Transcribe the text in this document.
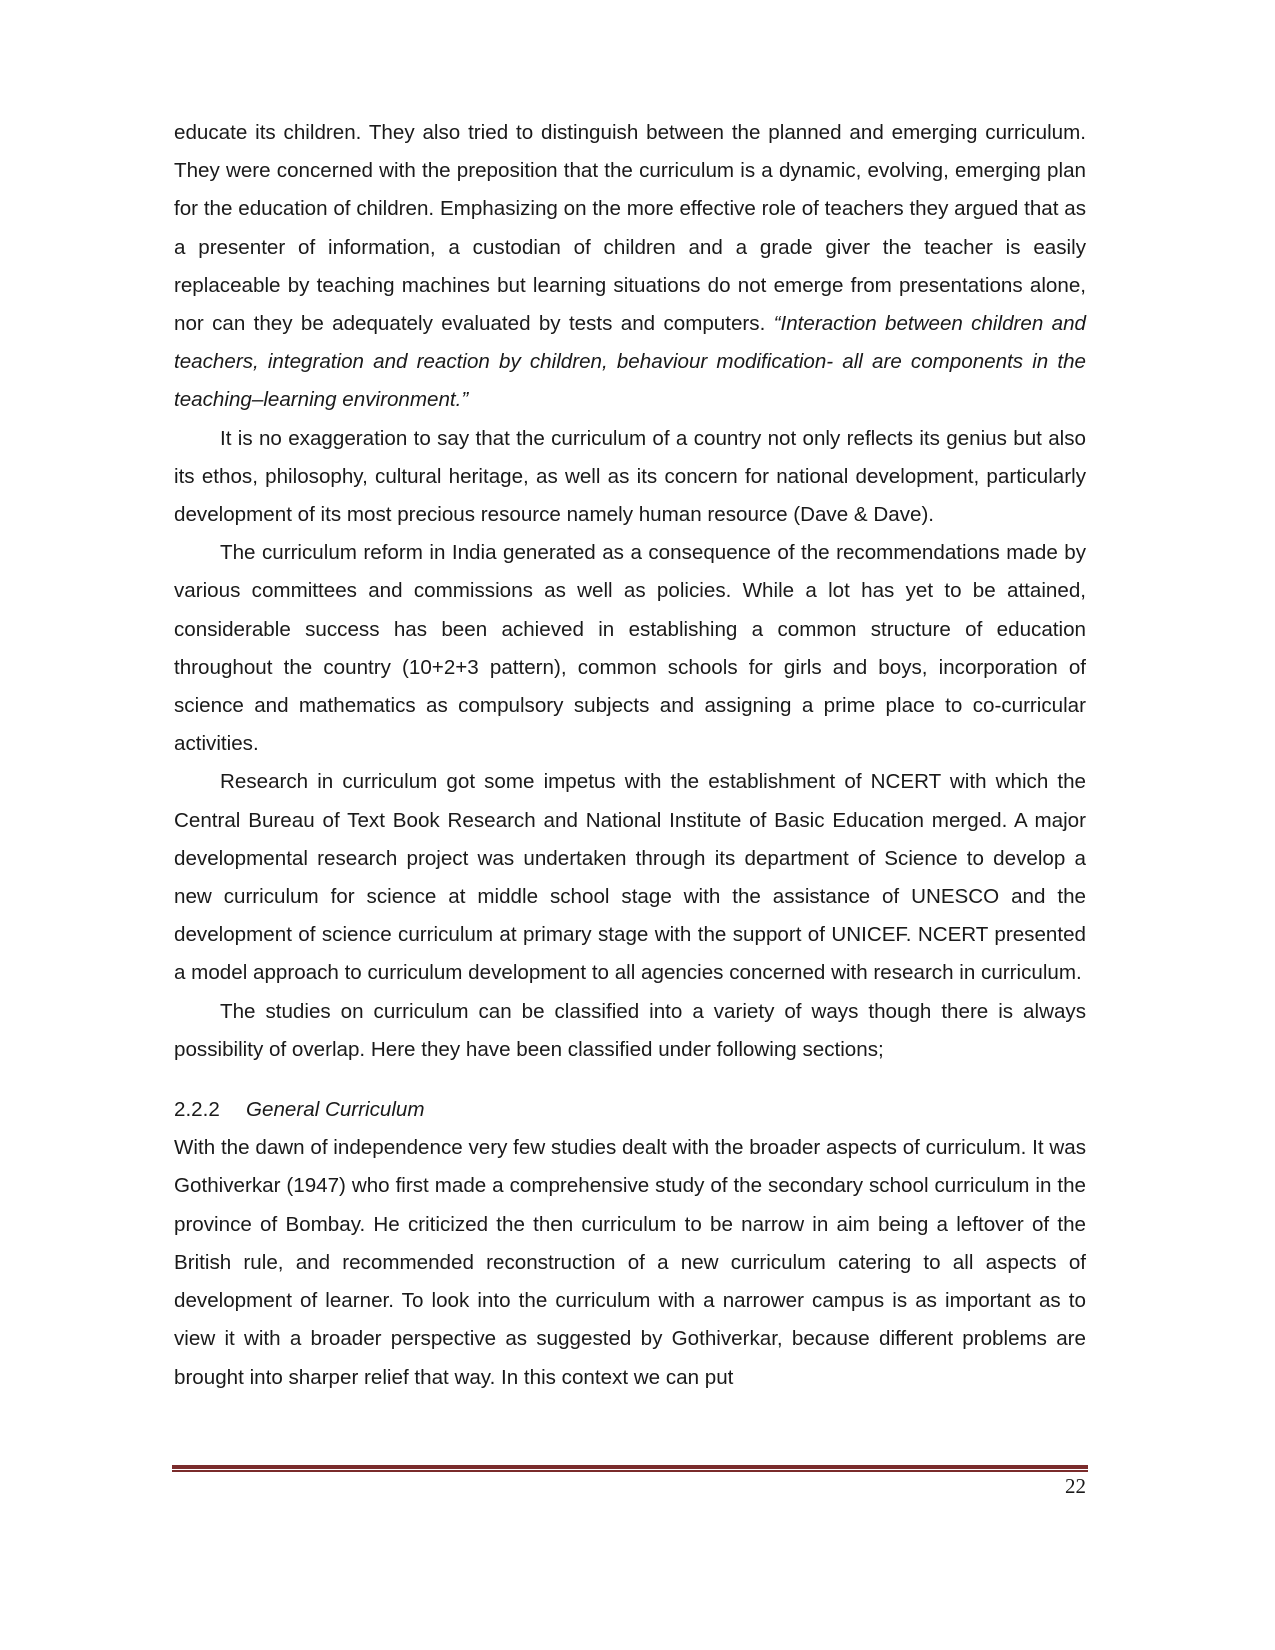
educate its children. They also tried to distinguish between the planned and emerging curriculum. They were concerned with the preposition that the curriculum is a dynamic, evolving, emerging plan for the education of children. Emphasizing on the more effective role of teachers they argued that as a presenter of information, a custodian of children and a grade giver the teacher is easily replaceable by teaching machines but learning situations do not emerge from presentations alone, nor can they be adequately evaluated by tests and computers. “Interaction between children and teachers, integration and reaction by children, behaviour modification- all are components in the teaching–learning environment.”

It is no exaggeration to say that the curriculum of a country not only reflects its genius but also its ethos, philosophy, cultural heritage, as well as its concern for national development, particularly development of its most precious resource namely human resource (Dave & Dave).

The curriculum reform in India generated as a consequence of the recommendations made by various committees and commissions as well as policies. While a lot has yet to be attained, considerable success has been achieved in establishing a common structure of education throughout the country (10+2+3 pattern), common schools for girls and boys, incorporation of science and mathematics as compulsory subjects and assigning a prime place to co-curricular activities.

Research in curriculum got some impetus with the establishment of NCERT with which the Central Bureau of Text Book Research and National Institute of Basic Education merged. A major developmental research project was undertaken through its department of Science to develop a new curriculum for science at middle school stage with the assistance of UNESCO and the development of science curriculum at primary stage with the support of UNICEF. NCERT presented a model approach to curriculum development to all agencies concerned with research in curriculum.

The studies on curriculum can be classified into a variety of ways though there is always possibility of overlap. Here they have been classified under following sections;

2.2.2 General Curriculum

With the dawn of independence very few studies dealt with the broader aspects of curriculum. It was Gothiverkar (1947) who first made a comprehensive study of the secondary school curriculum in the province of Bombay. He criticized the then curriculum to be narrow in aim being a leftover of the British rule, and recommended reconstruction of a new curriculum catering to all aspects of development of learner. To look into the curriculum with a narrower campus is as important as to view it with a broader perspective as suggested by Gothiverkar, because different problems are brought into sharper relief that way. In this context we can put

22
